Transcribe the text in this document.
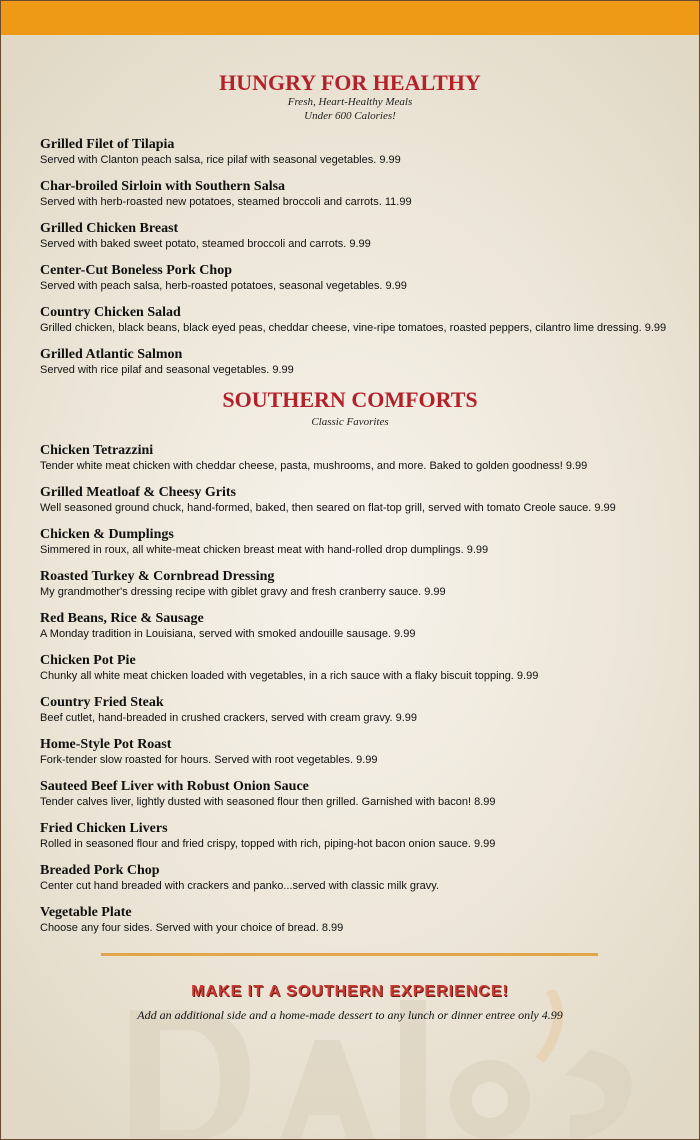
HUNGRY FOR HEALTHY
Fresh, Heart-Healthy Meals
Under 600 Calories!
Grilled Filet of Tilapia

Served with Clanton peach salsa, rice pilaf with seasonal vegetables. 9.99

Char-broiled Sirloin with Southern Salsa

Served with herb-roasted new potatoes, steamed broccoli and carrots. 11.99

Grilled Chicken Breast

Served with baked sweet potato, steamed broccoli and carrots. 9.99

Center-Cut Boneless Pork Chop

Served with peach salsa, herb-roasted potatoes, seasonal vegetables. 9.99

Country Chicken Salad

Grilled chicken, black beans, black eyed peas, cheddar cheese, vine-ripe tomatoes, roasted peppers, cilantro lime dressing. 9.99

Grilled Atlantic Salmon

Served with rice pilaf and seasonal vegetables. 9.99

SOUTHERN COMFORTS
Classic Favorites
Chicken Tetrazzini

Tender white meat chicken with cheddar cheese, pasta, mushrooms, and more. Baked to golden goodness! 9.99

Grilled Meatloaf & Cheesy Grits

Well seasoned ground chuck, hand-formed, baked, then seared on flat-top grill, served with tomato Creole sauce. 9.99

Chicken & Dumplings

Simmered in roux, all white-meat chicken breast meat with hand-rolled drop dumplings. 9.99

Roasted Turkey & Cornbread Dressing

My grandmother's dressing recipe with giblet gravy and fresh cranberry sauce. 9.99

Red Beans, Rice & Sausage

A Monday tradition in Louisiana, served with smoked andouille sausage. 9.99

Chicken Pot Pie

Chunky all white meat chicken loaded with vegetables, in a rich sauce with a flaky biscuit topping. 9.99

Country Fried Steak

Beef cutlet, hand-breaded in crushed crackers, served with cream gravy. 9.99

Home-Style Pot Roast

Fork-tender slow roasted for hours. Served with root vegetables. 9.99

Sauteed Beef Liver with Robust Onion Sauce

Tender calves liver, lightly dusted with seasoned flour then grilled. Garnished with bacon! 8.99

Fried Chicken Livers

Rolled in seasoned flour and fried crispy, topped with rich, piping-hot bacon onion sauce. 9.99

Breaded Pork Chop

Center cut hand breaded with crackers and panko...served with classic milk gravy.

Vegetable Plate

Choose any four sides. Served with your choice of bread. 8.99

MAKE IT A SOUTHERN EXPERIENCE!
Add an additional side and a home-made dessert to any lunch or dinner entree only 4.99
